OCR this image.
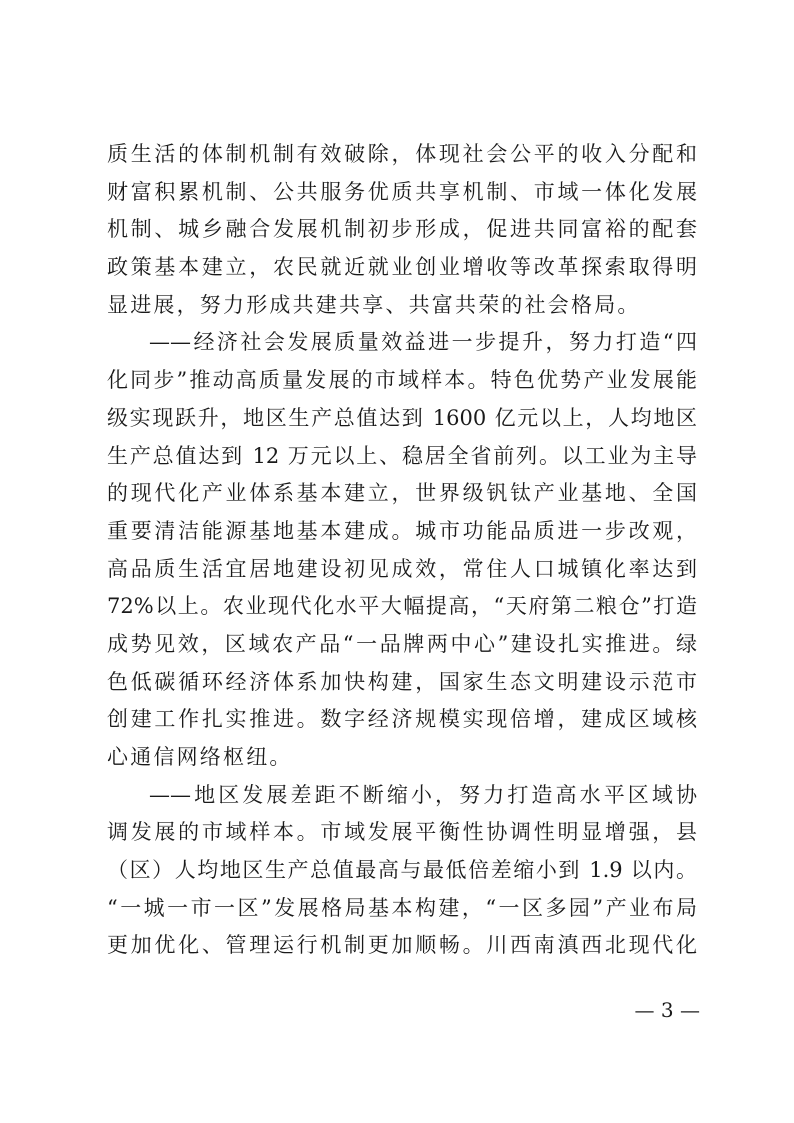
质生活的体制机制有效破除，体现社会公平的收入分配和
财富积累机制、公共服务优质共享机制、市域一体化发展
机制、城乡融合发展机制初步形成，促进共同富裕的配套
政策基本建立，农民就近就业创业增收等改革探索取得明
显进展，努力形成共建共享、共富共荣的社会格局。
——经济社会发展质量效益进一步提升，努力打造“四
化同步”推动高质量发展的市域样本。特色优势产业发展能
级实现跃升，地区生产总值达到 1600 亿元以上，人均地区
生产总值达到 12 万元以上、稳居全省前列。以工业为主导
的现代化产业体系基本建立，世界级钒钛产业基地、全国
重要清洁能源基地基本建成。城市功能品质进一步改观，
高品质生活宜居地建设初见成效，常住人口城镇化率达到
72%以上。农业现代化水平大幅提高，“天府第二粮仓”打造
成势见效，区域农产品“一品牌两中心”建设扎实推进。绿
色低碳循环经济体系加快构建，国家生态文明建设示范市
创建工作扎实推进。数字经济规模实现倍增，建成区域核
心通信网络枢纽。
——地区发展差距不断缩小，努力打造高水平区域协
调发展的市域样本。市域发展平衡性协调性明显增强，县
（区）人均地区生产总值最高与最低倍差缩小到 1.9 以内。
“一城一市一区”发展格局基本构建，“一区多园”产业布局
更加优化、管理运行机制更加顺畅。川西南滇西北现代化
— 3 —
